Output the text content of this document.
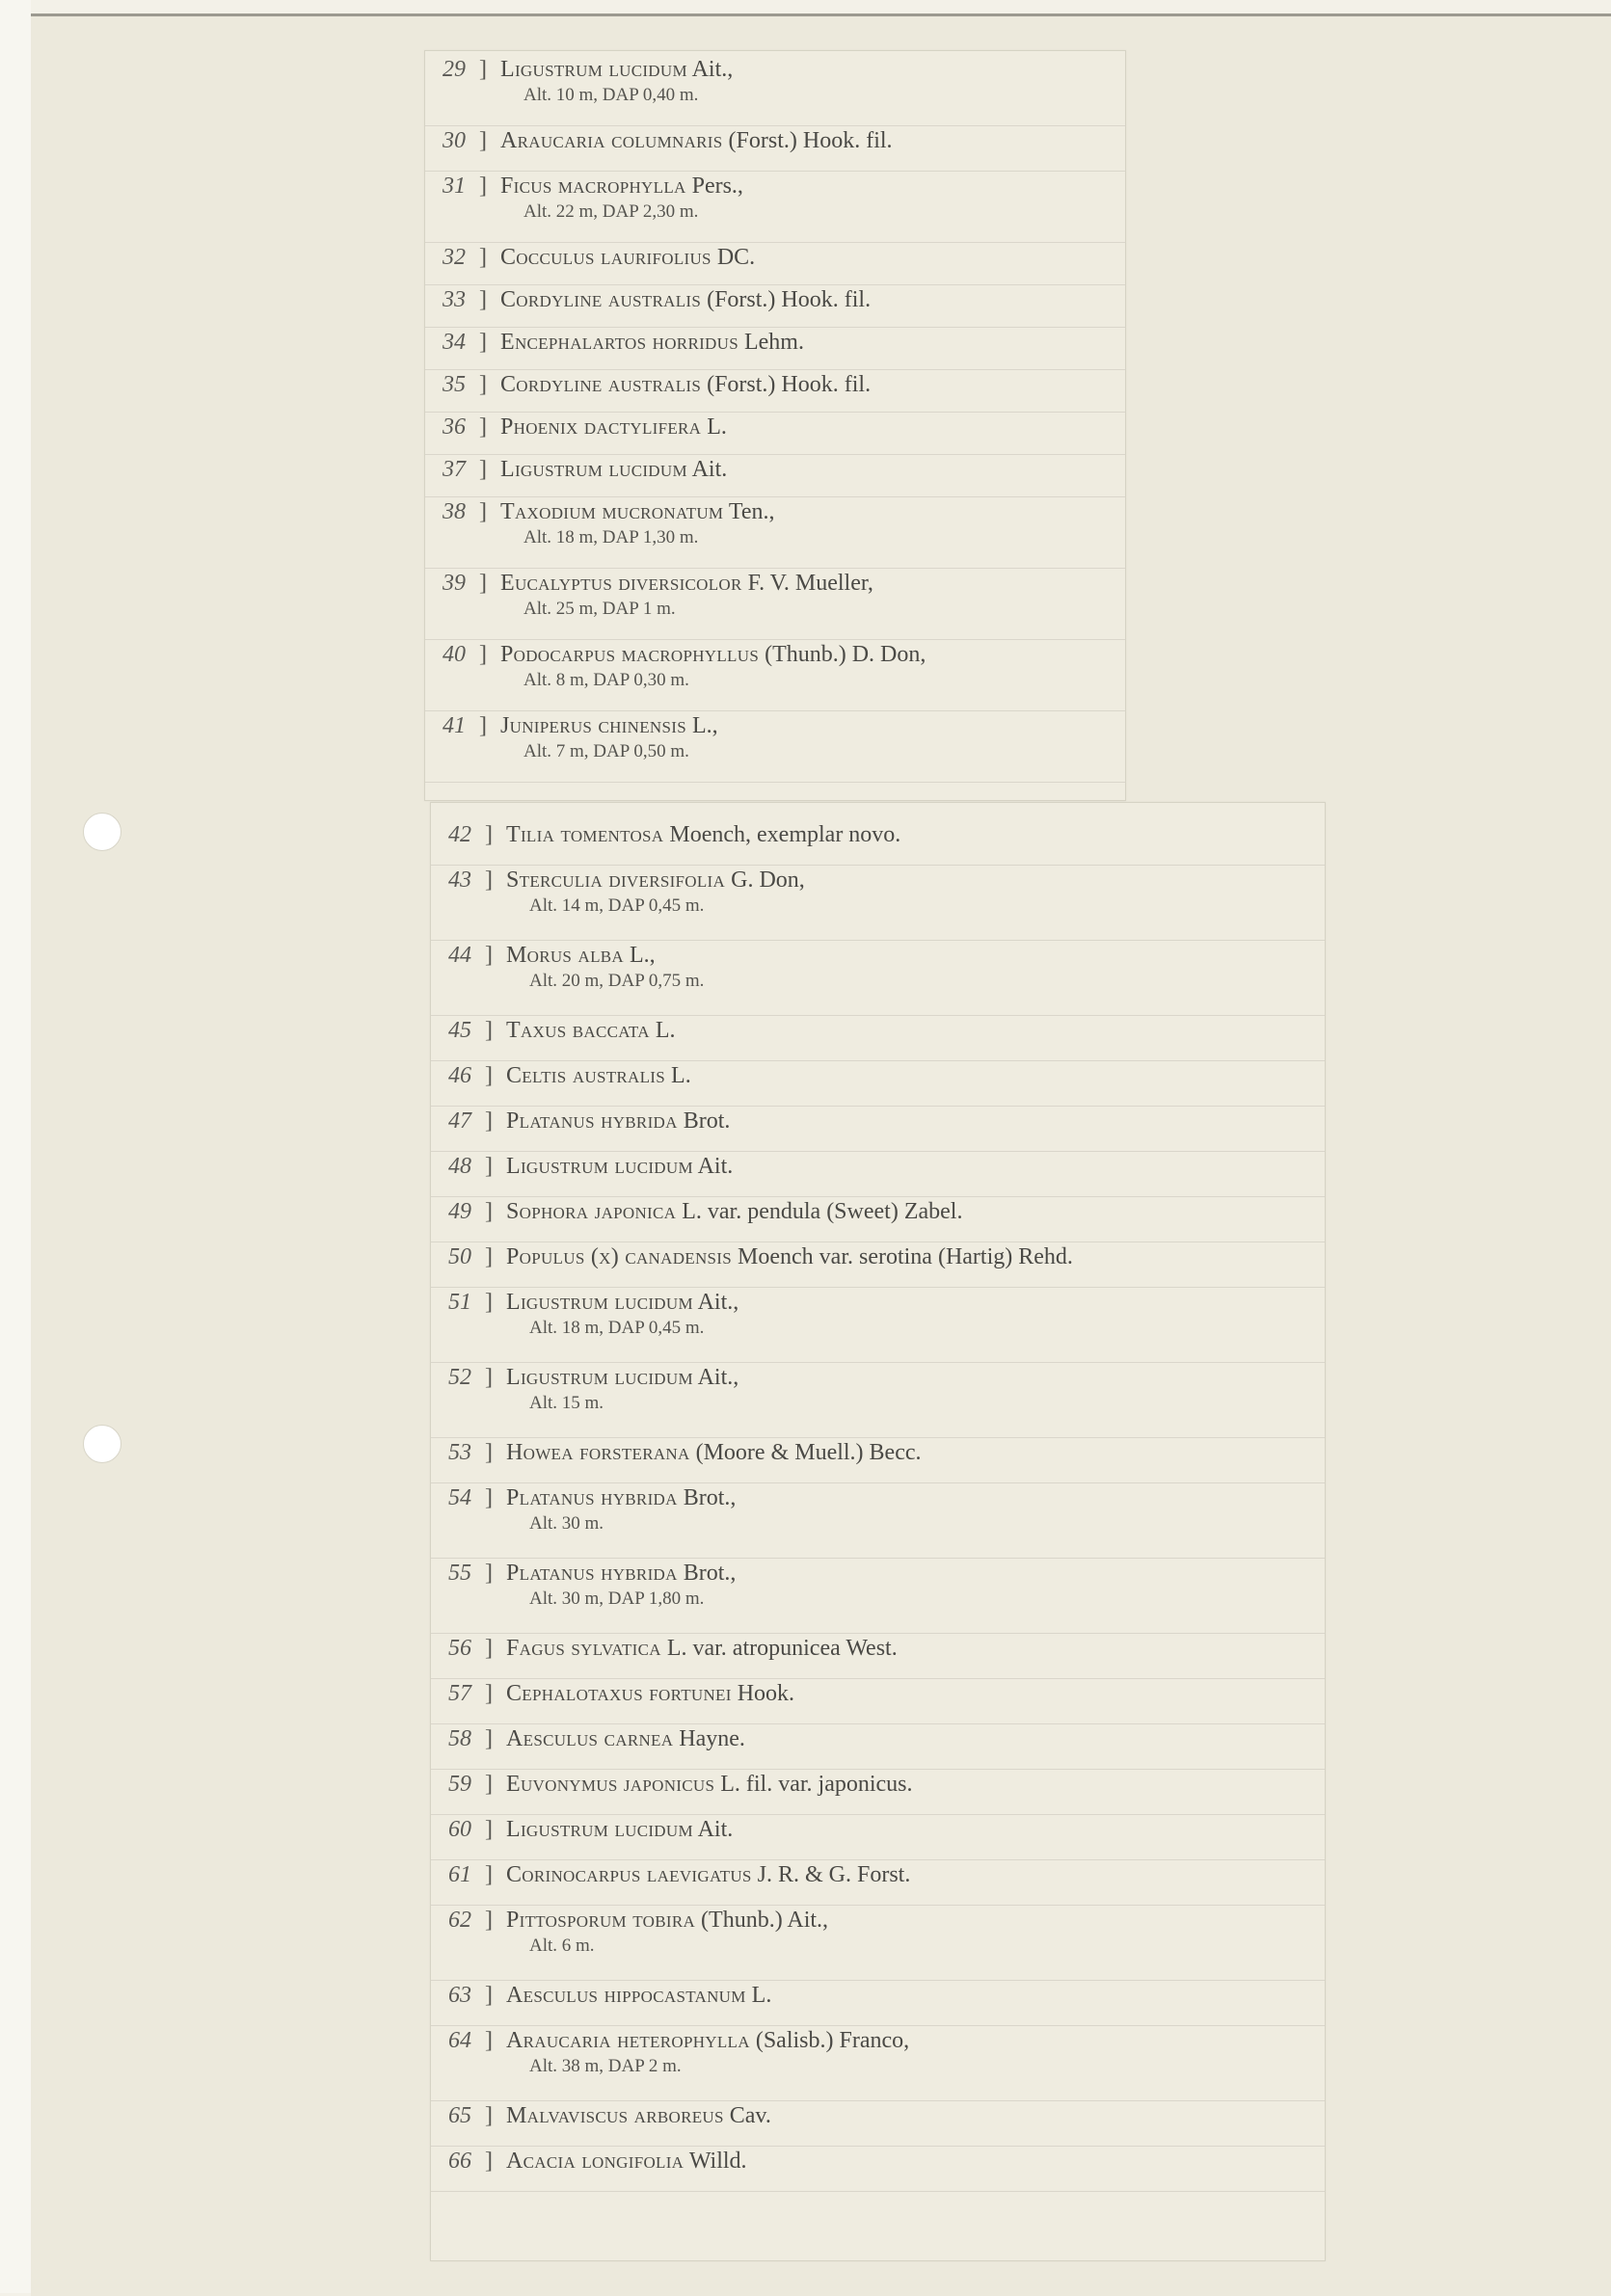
29 ] Ligustrum lucidum Ait.,
Alt. 10 m, DAP 0,40 m.
30 ] Araucaria columnaris (Forst.) Hook. fil.
31 ] Ficus macrophylla Pers.,
Alt. 22 m, DAP 2,30 m.
32 ] Cocculus laurifolius DC.
33 ] Cordyline australis (Forst.) Hook. fil.
34 ] Encephalartos horridus Lehm.
35 ] Cordyline australis (Forst.) Hook. fil.
36 ] Phoenix dactylifera L.
37 ] Ligustrum lucidum Ait.
38 ] Taxodium mucronatum Ten.,
Alt. 18 m, DAP 1,30 m.
39 ] Eucalyptus diversicolor F. V. Mueller,
Alt. 25 m, DAP 1 m.
40 ] Podocarpus macrophyllus (Thunb.) D. Don,
Alt. 8 m, DAP 0,30 m.
41 ] Juniperus chinensis L.,
Alt. 7 m, DAP 0,50 m.
42 ] Tilia tomentosa Moench, exemplar novo.
43 ] Sterculia diversifolia G. Don,
Alt. 14 m, DAP 0,45 m.
44 ] Morus alba L.,
Alt. 20 m, DAP 0,75 m.
45 ] Taxus baccata L.
46 ] Celtis australis L.
47 ] Platanus hybrida Brot.
48 ] Ligustrum lucidum Ait.
49 ] Sophora japonica L. var. pendula (Sweet) Zabel.
50 ] Populus (x) canadensis Moench var. serotina (Hartig) Rehd.
51 ] Ligustrum lucidum Ait.,
Alt. 18 m, DAP 0,45 m.
52 ] Ligustrum lucidum Ait.,
Alt. 15 m.
53 ] Howea forsterana (Moore & Muell.) Becc.
54 ] Platanus hybrida Brot.,
Alt. 30 m.
55 ] Platanus hybrida Brot.,
Alt. 30 m, DAP 1,80 m.
56 ] Fagus sylvatica L. var. atropunicea West.
57 ] Cephalotaxus fortunei Hook.
58 ] Aesculus carnea Hayne.
59 ] Euvonymus japonicus L. fil. var. japonicus.
60 ] Ligustrum lucidum Ait.
61 ] Corinocarpus laevigatus J. R. & G. Forst.
62 ] Pittosporum tobira (Thunb.) Ait.,
Alt. 6 m.
63 ] Aesculus hippocastanum L.
64 ] Araucaria heterophylla (Salisb.) Franco,
Alt. 38 m, DAP 2 m.
65 ] Malvaviscus arboreus Cav.
66 ] Acacia longifolia Willd.
